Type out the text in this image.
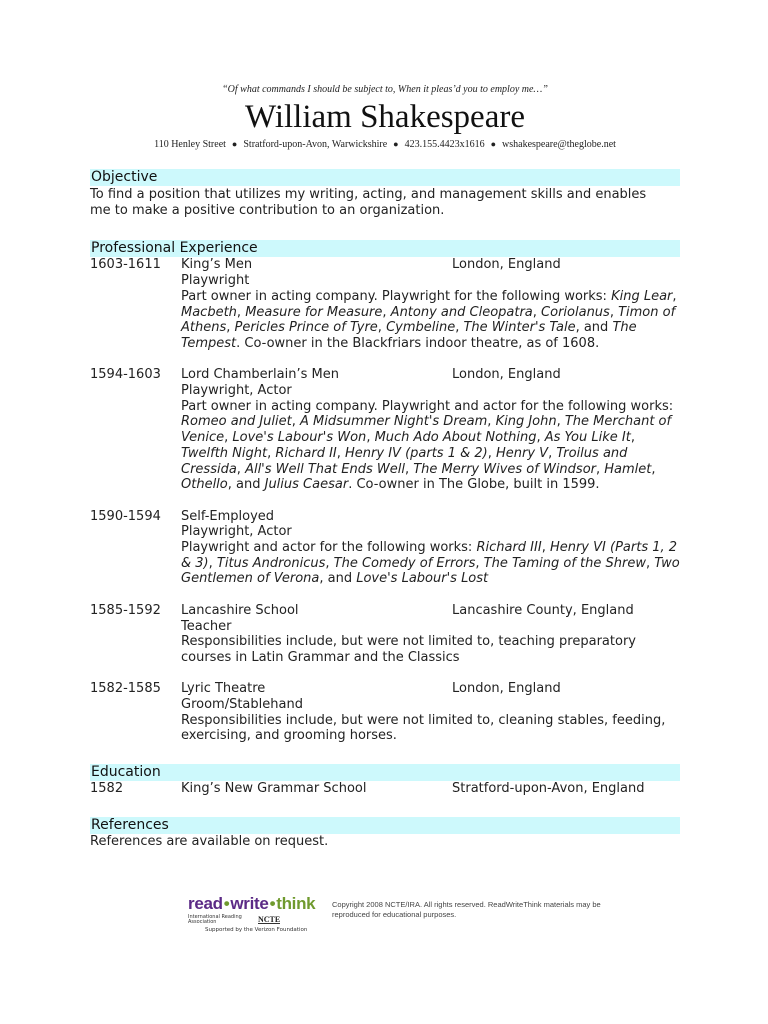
“Of what commands I should be subject to, When it pleas’d you to employ me…”
William Shakespeare
110 Henley Street ● Stratford-upon-Avon, Warwickshire ● 423.155.4423x1616 ● wshakespeare@theglobe.net
Objective
To find a position that utilizes my writing, acting, and management skills and enables me to make a positive contribution to an organization.
Professional Experience
1603-1611	King’s Men	London, England
Playwright
Part owner in acting company. Playwright for the following works: King Lear, Macbeth, Measure for Measure, Antony and Cleopatra, Coriolanus, Timon of Athens, Pericles Prince of Tyre, Cymbeline, The Winter's Tale, and The Tempest. Co-owner in the Blackfriars indoor theatre, as of 1608.
1594-1603	Lord Chamberlain’s Men	London, England
Playwright, Actor
Part owner in acting company. Playwright and actor for the following works: Romeo and Juliet, A Midsummer Night's Dream, King John, The Merchant of Venice, Love's Labour's Won, Much Ado About Nothing, As You Like It, Twelfth Night, Richard II, Henry IV (parts 1 & 2), Henry V, Troilus and Cressida, All's Well That Ends Well, The Merry Wives of Windsor, Hamlet, Othello, and Julius Caesar. Co-owner in The Globe, built in 1599.
1590-1594	Self-Employed
Playwright, Actor
Playwright and actor for the following works: Richard III, Henry VI (Parts 1, 2 & 3), Titus Andronicus, The Comedy of Errors, The Taming of the Shrew, Two Gentlemen of Verona, and Love's Labour's Lost
1585-1592	Lancashire School	Lancashire County, England
Teacher
Responsibilities include, but were not limited to, teaching preparatory courses in Latin Grammar and the Classics
1582-1585	Lyric Theatre	London, England
Groom/Stablehand
Responsibilities include, but were not limited to, cleaning stables, feeding, exercising, and grooming horses.
Education
1582	King’s New Grammar School	Stratford-upon-Avon, England
References
References are available on request.
read•write•think
International Reading Association	NCTE
Supported by the Verizon Foundation
Copyright 2008 NCTE/IRA. All rights reserved. ReadWriteThink materials may be reproduced for educational purposes.
